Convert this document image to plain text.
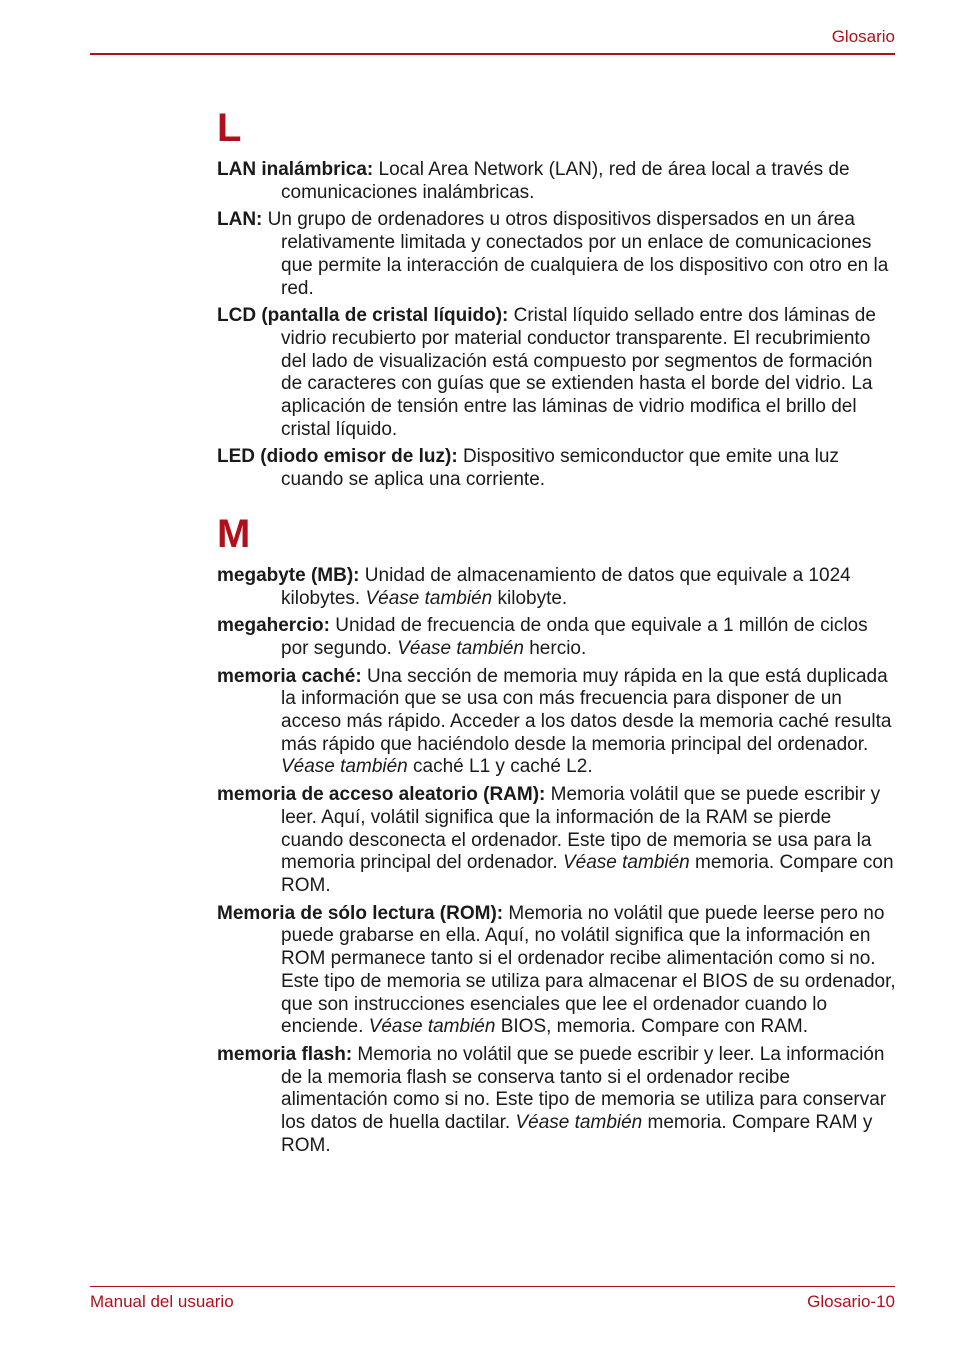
Glosario
L

LAN inalámbrica: Local Area Network (LAN), red de área local a través de comunicaciones inalámbricas.

LAN: Un grupo de ordenadores u otros dispositivos dispersados en un área relativamente limitada y conectados por un enlace de comunicaciones que permite la interacción de cualquiera de los dispositivo con otro en la red.

LCD (pantalla de cristal líquido): Cristal líquido sellado entre dos láminas de vidrio recubierto por material conductor transparente. El recubrimiento del lado de visualización está compuesto por segmentos de formación de caracteres con guías que se extienden hasta el borde del vidrio. La aplicación de tensión entre las láminas de vidrio modifica el brillo del cristal líquido.

LED (diodo emisor de luz): Dispositivo semiconductor que emite una luz cuando se aplica una corriente.

M

megabyte (MB): Unidad de almacenamiento de datos que equivale a 1024 kilobytes. Véase también kilobyte.

megahercio: Unidad de frecuencia de onda que equivale a 1 millón de ciclos por segundo. Véase también hercio.

memoria caché: Una sección de memoria muy rápida en la que está duplicada la información que se usa con más frecuencia para disponer de un acceso más rápido. Acceder a los datos desde la memoria caché resulta más rápido que haciéndolo desde la memoria principal del ordenador. Véase también caché L1 y caché L2.

memoria de acceso aleatorio (RAM): Memoria volátil que se puede escribir y leer. Aquí, volátil significa que la información de la RAM se pierde cuando desconecta el ordenador. Este tipo de memoria se usa para la memoria principal del ordenador. Véase también memoria. Compare con ROM.

Memoria de sólo lectura (ROM): Memoria no volátil que puede leerse pero no puede grabarse en ella. Aquí, no volátil significa que la información en ROM permanece tanto si el ordenador recibe alimentación como si no. Este tipo de memoria se utiliza para almacenar el BIOS de su ordenador, que son instrucciones esenciales que lee el ordenador cuando lo enciende. Véase también BIOS, memoria. Compare con RAM.

memoria flash: Memoria no volátil que se puede escribir y leer. La información de la memoria flash se conserva tanto si el ordenador recibe alimentación como si no. Este tipo de memoria se utiliza para conservar los datos de huella dactilar. Véase también memoria. Compare RAM y ROM.

Manual del usuario	Glosario-10
